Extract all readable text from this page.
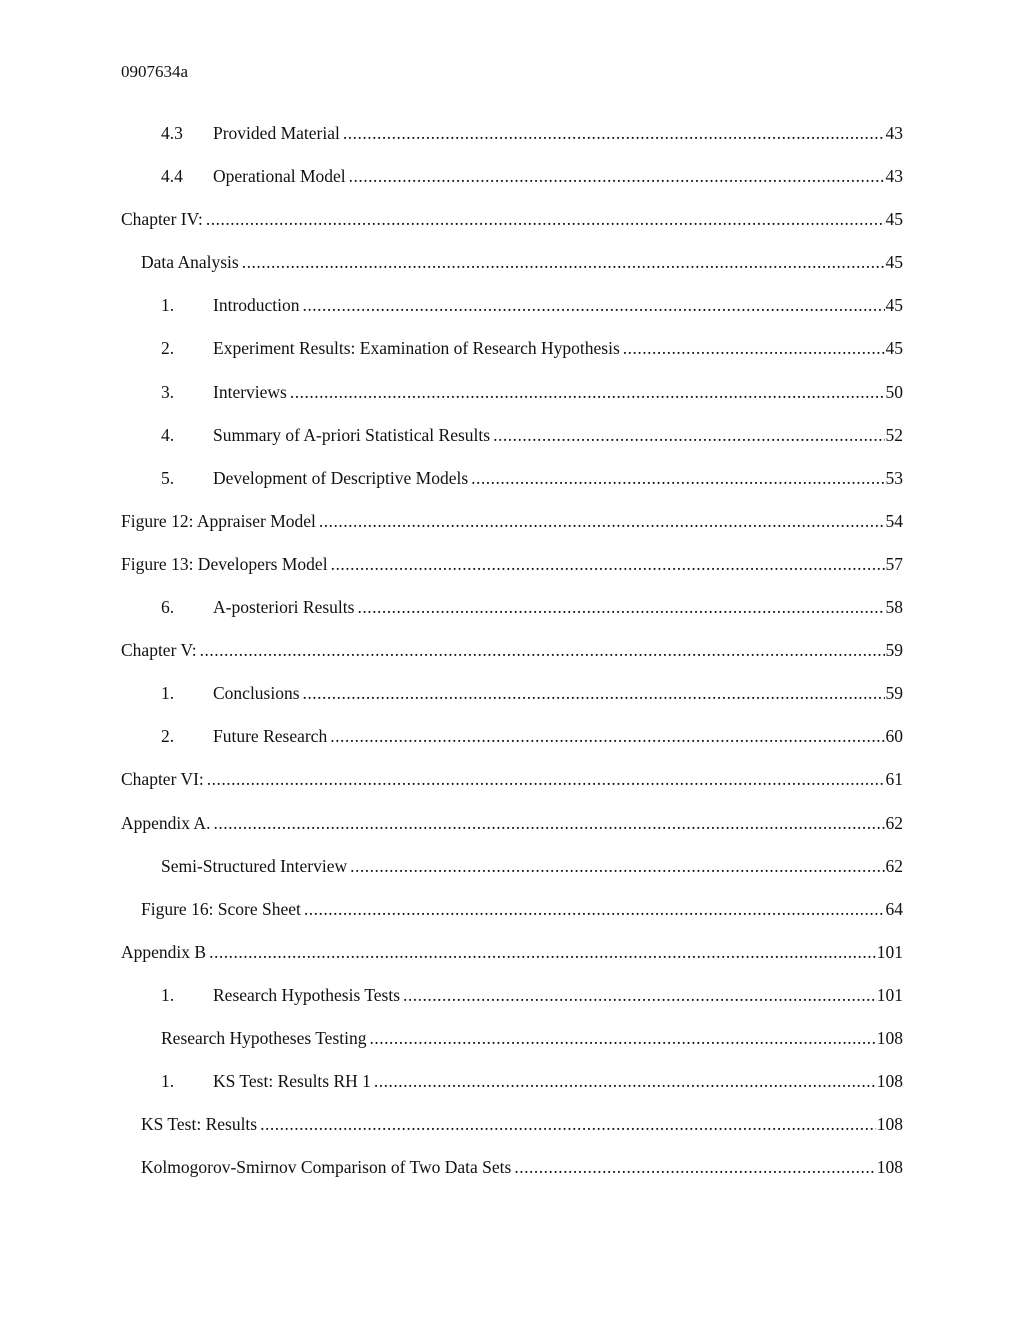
0907634a
4.3	Provided Material .....	43
4.4	Operational Model .....	43
Chapter IV: .....	45
Data Analysis .....	45
1.	Introduction .....	45
2.	Experiment Results: Examination of Research Hypothesis .....	45
3.	Interviews .....	50
4.	Summary of A-priori Statistical Results .....	52
5.	Development of Descriptive Models .....	53
Figure 12: Appraiser Model .....	54
Figure 13: Developers Model .....	57
6.	A-posteriori Results .....	58
Chapter V: .....	59
1.	Conclusions .....	59
2.	Future Research .....	60
Chapter VI: .....	61
Appendix A. .....	62
Semi-Structured Interview .....	62
Figure 16: Score Sheet .....	64
Appendix B .....	101
1.	Research Hypothesis Tests .....	101
Research Hypotheses Testing .....	108
1.	KS Test: Results RH 1 .....	108
KS Test: Results .....	108
Kolmogorov-Smirnov Comparison of Two Data Sets .....	108
